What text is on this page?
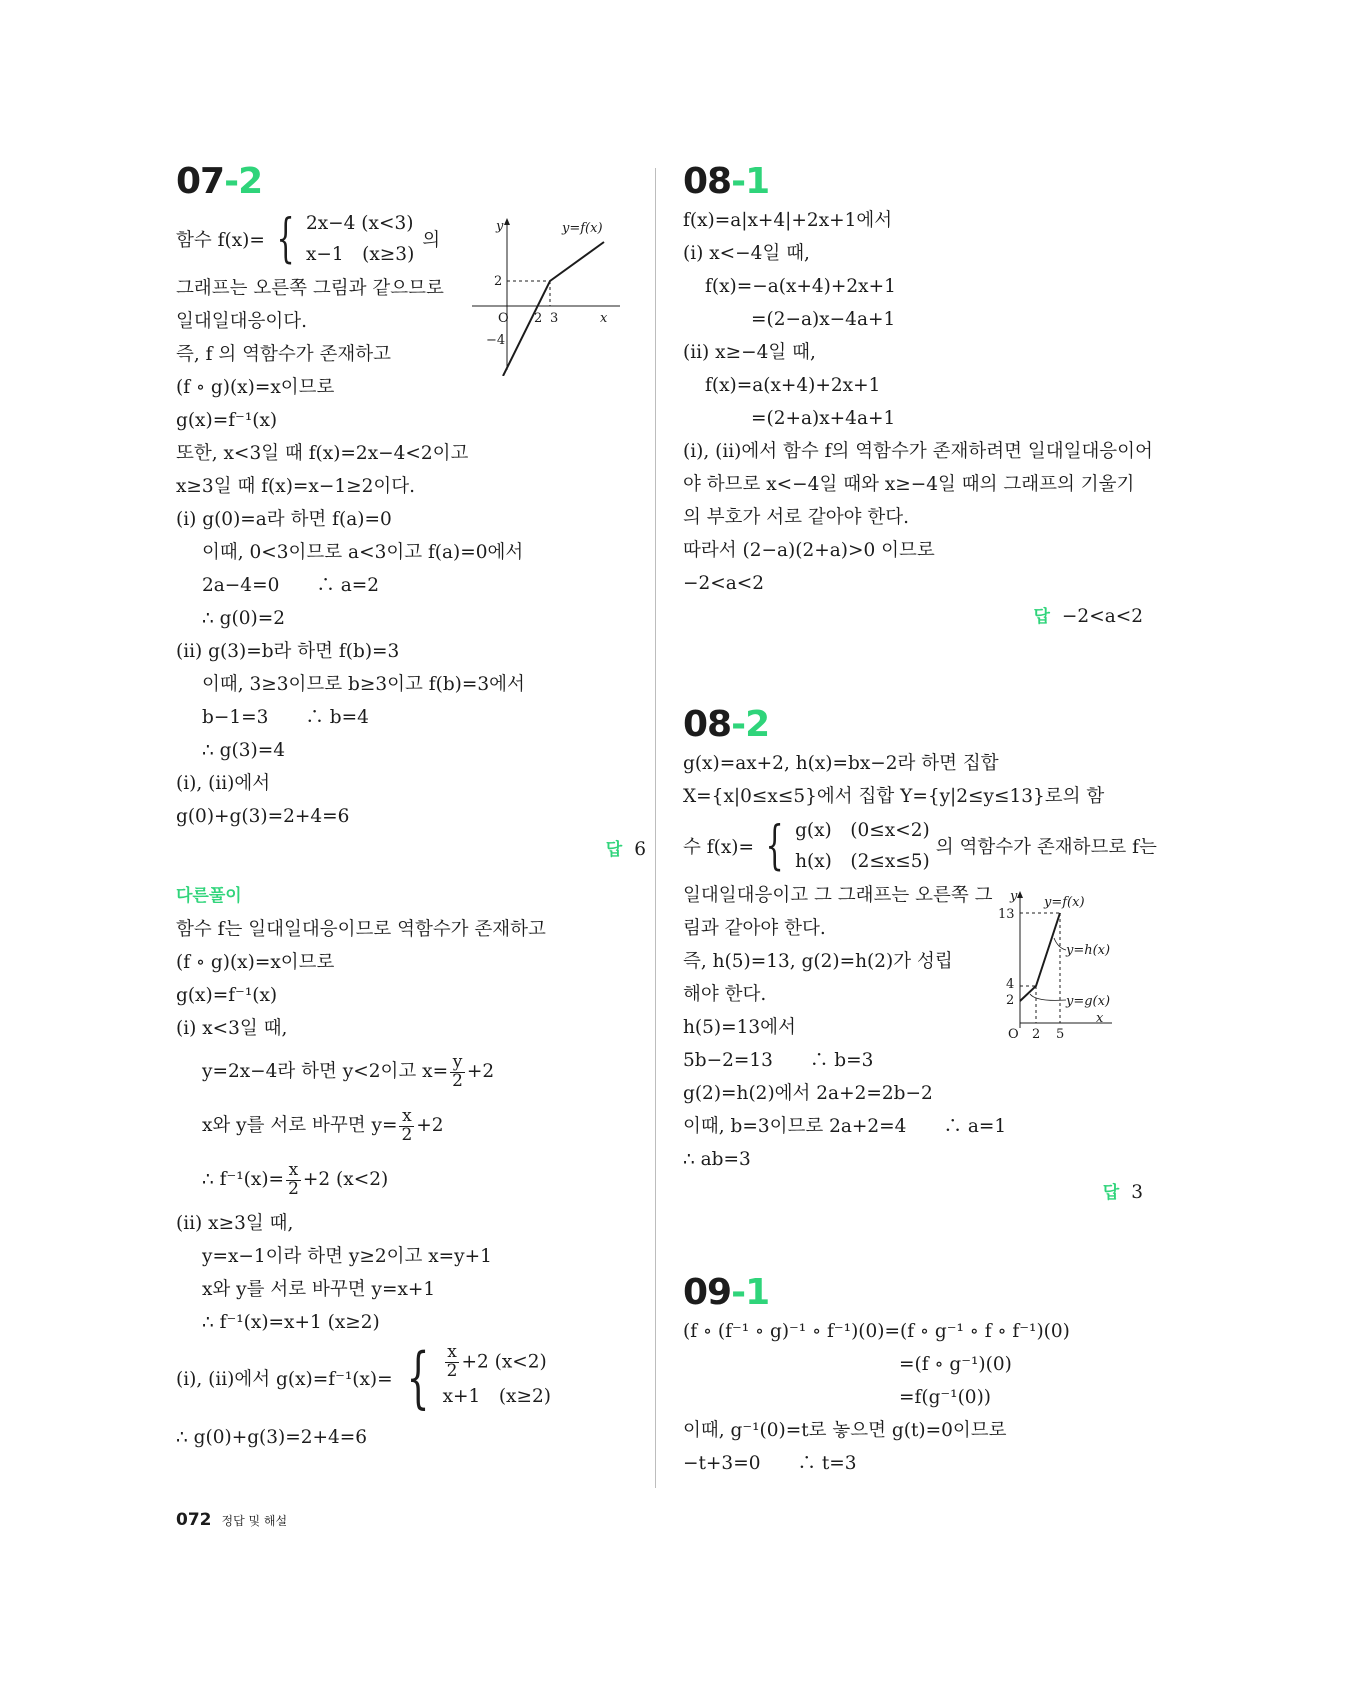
07-2
함수 f(x)= { 2x−4 (x<3)
x−1　(x≥3)
의
그래프는 오른쪽 그림과 같으므로
일대일대응이다.
즉, f 의 역함수가 존재하고
(f ∘ g)(x)=x이므로
g(x)=f⁻¹(x)
또한, x<3일 때 f(x)=2x−4<2이고
x≥3일 때 f(x)=x−1≥2이다.
(ⅰ) g(0)=a라 하면 f(a)=0
이때, 0<3이므로 a<3이고 f(a)=0에서
2a−4=0　　∴ a=2
∴ g(0)=2
(ⅱ) g(3)=b라 하면 f(b)=3
이때, 3≥3이므로 b≥3이고 f(b)=3에서
b−1=3　　∴ b=4
∴ g(3)=4
(ⅰ), (ⅱ)에서
g(0)+g(3)=2+4=6
답 6
다른풀이
함수 f는 일대일대응이므로 역함수가 존재하고
(f ∘ g)(x)=x이므로
g(x)=f⁻¹(x)
(ⅰ) x<3일 때,
y=2x−4라 하면 y<2이고 $x= \frac{y}{2} +2$
x와 y를 서로 바꾸면 $y= \frac{x}{2} +2$
∴ $f^{-1}(x)= \frac{x}{2} +2$ (x<2)
(ⅱ) x≥3일 때,
y=x−1이라 하면 y≥2이고 x=y+1
x와 y를 서로 바꾸면 y=x+1
∴ f⁻¹(x)=x+1 (x≥2)
(ⅰ), (ⅱ)에서 g(x)=f⁻¹(x)= { $\frac{x}{2} +2$ (x<2)
x+1　(x≥2)
∴ g(0)+g(3)=2+4=6
y
x
O
y=f(x)
2
−4
2 3
08-1
f(x)=a|x+4|+2x+1에서
(ⅰ) x<−4일 때,
f(x)=−a(x+4)+2x+1
=(2−a)x−4a+1
(ⅱ) x≥−4일 때,
f(x)=a(x+4)+2x+1
=(2+a)x+4a+1
(ⅰ), (ⅱ)에서 함수 f의 역함수가 존재하려면 일대일대응이어
야 하므로 x<−4일 때와 x≥−4일 때의 그래프의 기울기
의 부호가 서로 같아야 한다.
따라서 (2−a)(2+a)>0 이므로
−2<a<2
답 −2<a<2
08-2
g(x)=ax+2, h(x)=bx−2라 하면 집합
X={x|0≤x≤5}에서 집합 Y={y|2≤y≤13}로의 함
수 f(x)= { g(x)　(0≤x<2)
h(x)　(2≤x≤5)
의 역함수가 존재하므로 f는
일대일대응이고 그 그래프는 오른쪽 그
림과 같아야 한다.
즉, h(5)=13, g(2)=h(2)가 성립
해야 한다.
h(5)=13에서
5b−2=13　　∴ b=3
g(2)=h(2)에서 2a+2=2b−2
이때, b=3이므로 2a+2=4　　∴ a=1
∴ ab=3
답 3
09-1
(f ∘ (f⁻¹ ∘ g)⁻¹ ∘ f⁻¹)(0)=(f ∘ g⁻¹ ∘ f ∘ f⁻¹)(0)
=(f ∘ g⁻¹)(0)
=f(g⁻¹(0))
이때, g⁻¹(0)=t로 놓으면 g(t)=0이므로
−t+3=0　　∴ t=3
y
x
O
y=f(x)
y=h(x)
y=g(x)
13
4
2
2 5
072 정답 및 해설
